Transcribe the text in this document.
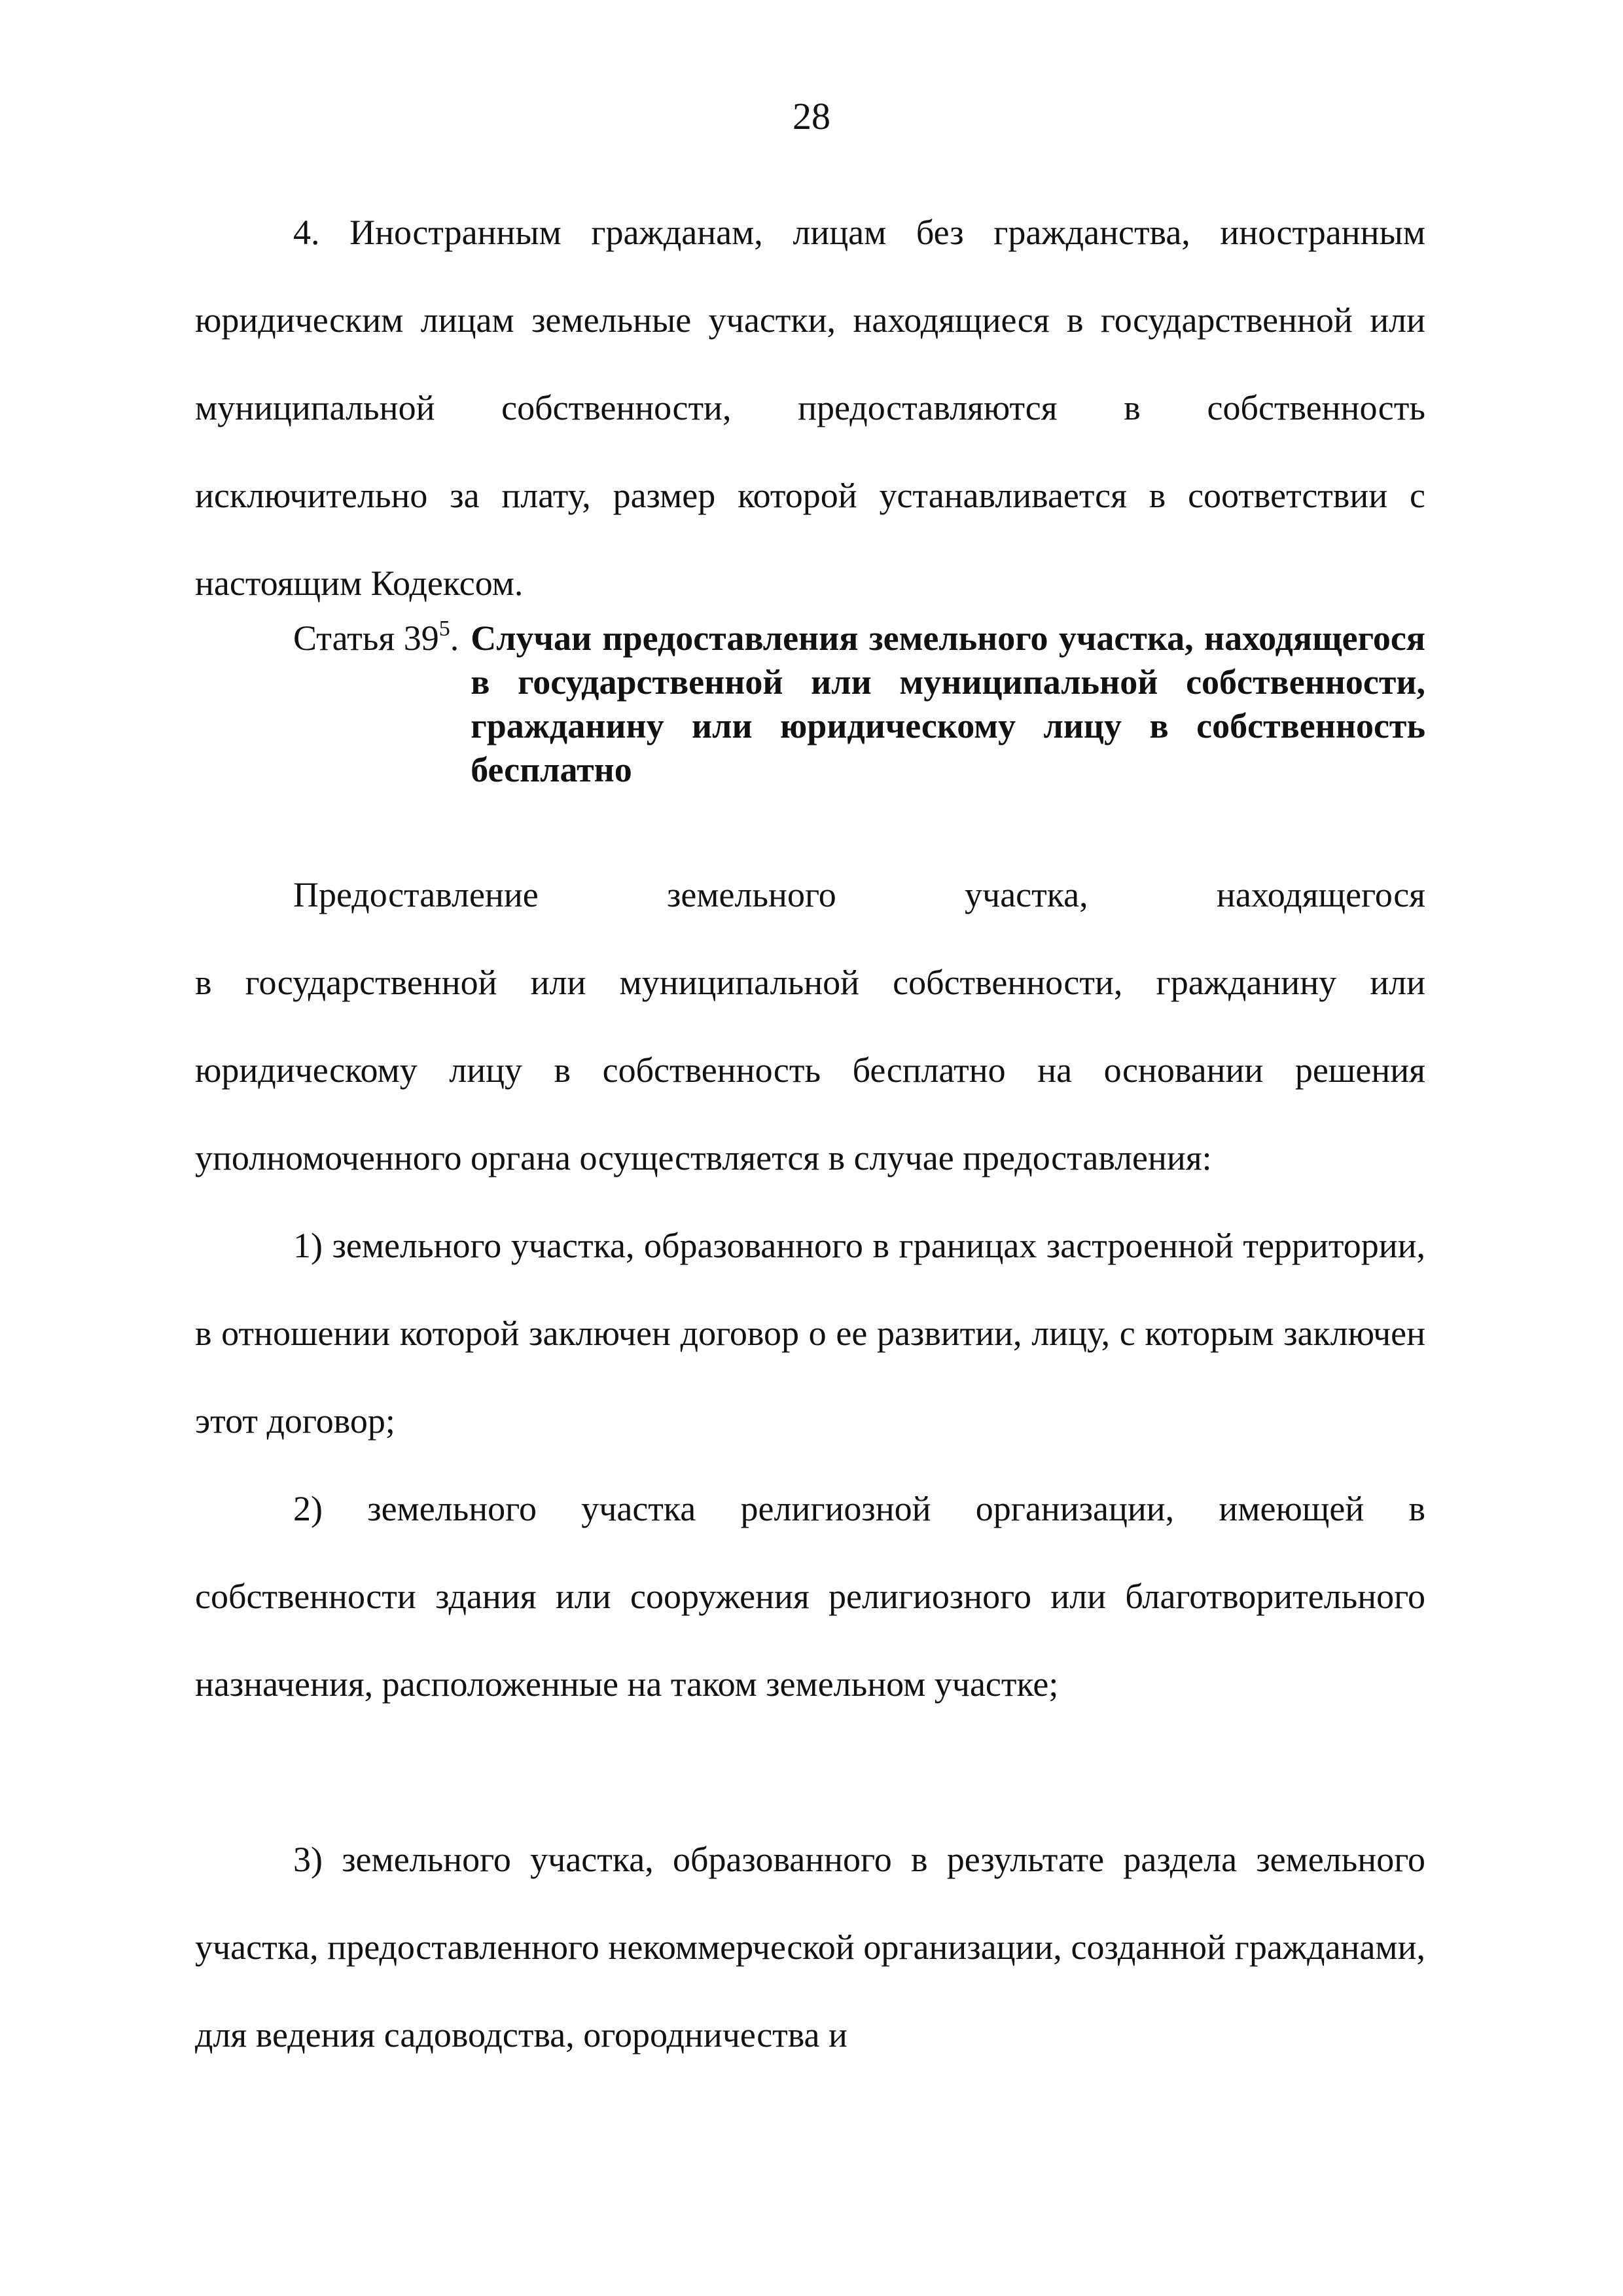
28

4. Иностранным гражданам, лицам без гражданства, иностранным юридическим лицам земельные участки, находящиеся в государственной или муниципальной собственности, предоставляются в собственность исключительно за плату, размер которой устанавливается в соответствии с настоящим Кодексом.

Статья $39^5$. Случаи предоставления земельного участка, находящегося в государственной или муниципальной собственности, гражданину или юридическому лицу в собственность бесплатно

Предоставление земельного участка, находящегося

в государственной или муниципальной собственности, гражданину или юридическому лицу в собственность бесплатно на основании решения уполномоченного органа осуществляется в случае предоставления:

1) земельного участка, образованного в границах застроенной территории, в отношении которой заключен договор о ее развитии, лицу, с которым заключен этот договор;

2) земельного участка религиозной организации, имеющей в собственности здания или сооружения религиозного или благотворительного назначения, расположенные на таком земельном участке;

3) земельного участка, образованного в результате раздела земельного участка, предоставленного некоммерческой организации, созданной гражданами, для ведения садоводства, огородничества и
